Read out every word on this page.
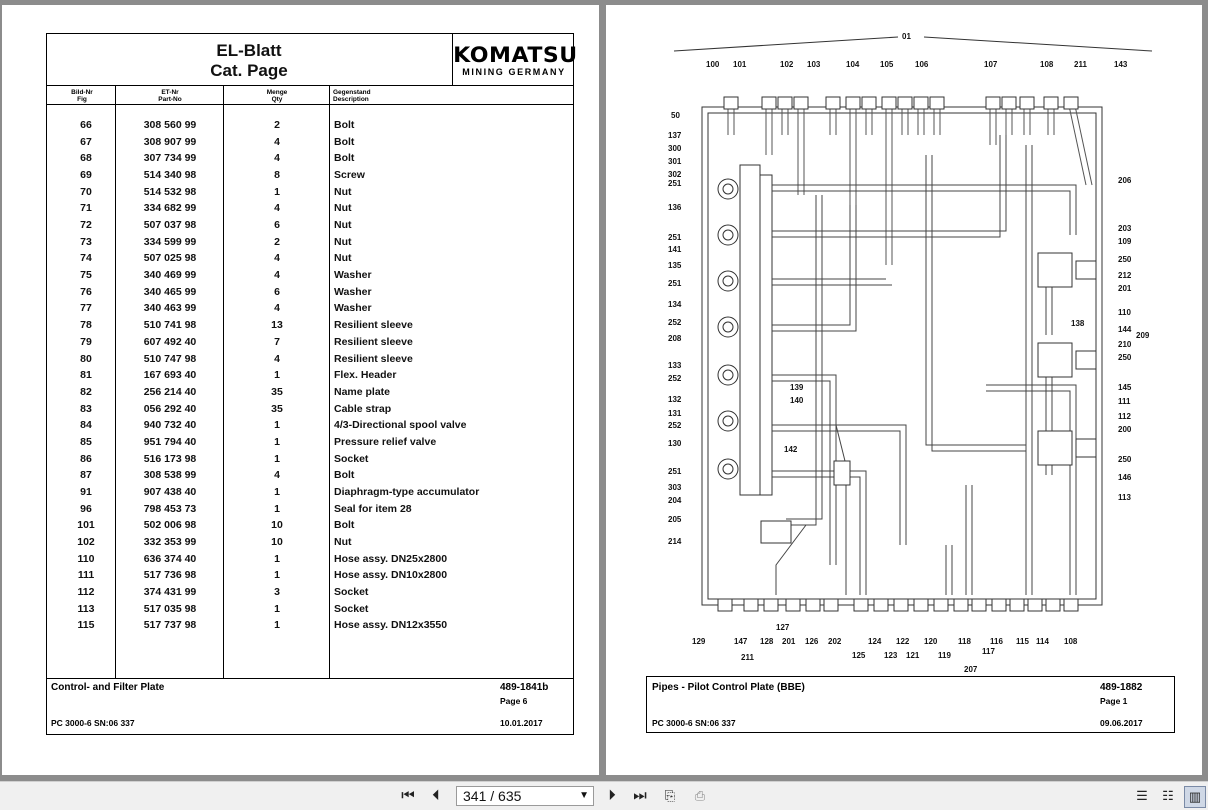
EL-Blatt
Cat. Page
KOMATSU
MINING GERMANY
Bild-Nr
Fig
ET-Nr
Part-No
Menge
Qty
Gegenstand
Description
66	308 560 99	2	Bolt
67	308 907 99	4	Bolt
68	307 734 99	4	Bolt
69	514 340 98	8	Screw
70	514 532 98	1	Nut
71	334 682 99	4	Nut
72	507 037 98	6	Nut
73	334 599 99	2	Nut
74	507 025 98	4	Nut
75	340 469 99	4	Washer
76	340 465 99	6	Washer
77	340 463 99	4	Washer
78	510 741 98	13	Resilient sleeve
79	607 492 40	7	Resilient sleeve
80	510 747 98	4	Resilient sleeve
81	167 693 40	1	Flex. Header
82	256 214 40	35	Name plate
83	056 292 40	35	Cable strap
84	940 732 40	1	4/3-Directional spool valve
85	951 794 40	1	Pressure relief valve
86	516 173 98	1	Socket
87	308 538 99	4	Bolt
91	907 438 40	1	Diaphragm-type accumulator
96	798 453 73	1	Seal for item 28
101	502 006 98	10	Bolt
102	332 353 99	10	Nut
110	636 374 40	1	Hose assy. DN25x2800
111	517 736 98	1	Hose assy. DN10x2800
112	374 431 99	3	Socket
113	517 035 98	1	Socket
115	517 737 98	1	Hose assy. DN12x3550
Control- and Filter Plate	489-1841b
Page 6
PC 3000-6 SN:06 337	10.01.2017
01
100 101	102 103	104	105	106	107	108	211	143
50
137
300
301
302
251
136
251
141
135
251
134
252
208
133
252
132
131
252
130
251
303
204
205
214
206
203
109
250
212
201
110
138
144
209
210
250
145
111
112
200
250
146
113
129	147
211
128
127
201 126 202
125
124
123
122
121
120
119
118
207
117
116 115 114 108
139
140
142
Pipes - Pilot Control Plate (BBE)	489-1882
Page 1
PC 3000-6 SN:06 337	09.06.2017
⏮	⏴	341 / 635	▼	⏵	⏭	⎘	⎙	☰	☷	▥
